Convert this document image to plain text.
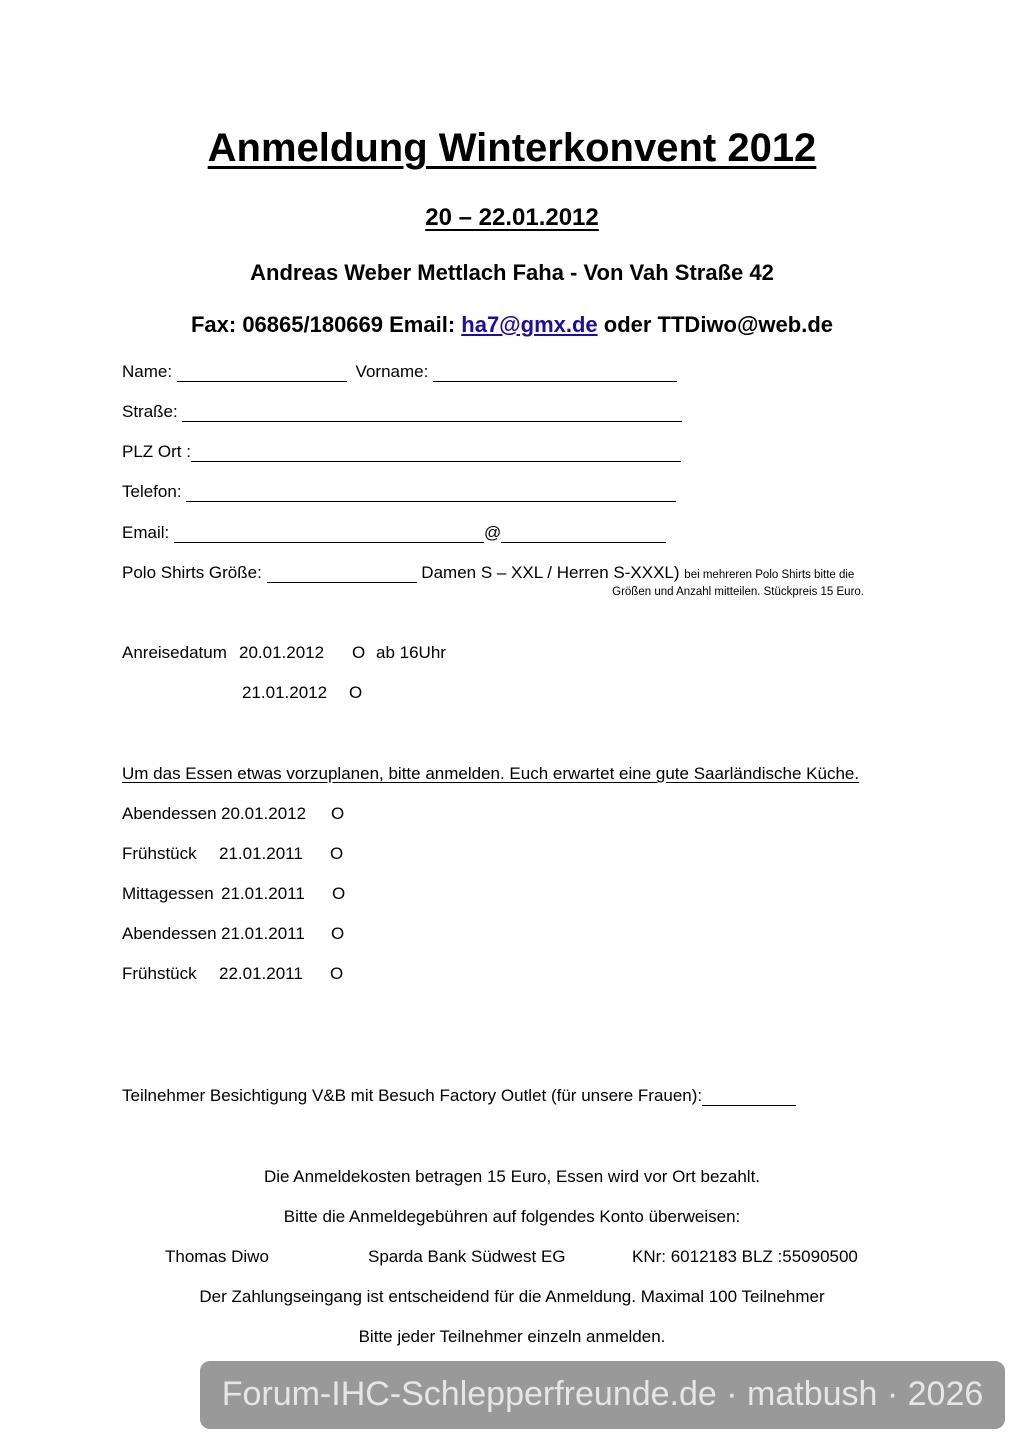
Anmeldung Winterkonvent 2012
20 – 22.01.2012
Andreas Weber Mettlach Faha - Von Vah Straße 42
Fax: 06865/180669 Email: ha7@gmx.de oder TTDiwo@web.de
Name:	Vorname:
Straße:
PLZ Ort :
Telefon:
Email:	@
Polo Shirts Größe:	Damen S – XXL / Herren S-XXXL) bei mehreren Polo Shirts bitte die
Größen und Anzahl mitteilen. Stückpreis 15 Euro.
Anreisedatum 20.01.2012 O ab 16Uhr
21.01.2012 O
Um das Essen etwas vorzuplanen, bitte anmelden. Euch erwartet eine gute Saarländische Küche.
Abendessen 20.01.2012 O
Frühstück 21.01.2011 O
Mittagessen 21.01.2011 O
Abendessen 21.01.2011 O
Frühstück 22.01.2011 O
Teilnehmer Besichtigung V&B mit Besuch Factory Outlet (für unsere Frauen):
Die Anmeldekosten betragen 15 Euro, Essen wird vor Ort bezahlt.
Bitte die Anmeldegebühren auf folgendes Konto überweisen:
Thomas Diwo	Sparda Bank Südwest EG	KNr: 6012183 BLZ :55090500
Der Zahlungseingang ist entscheidend für die Anmeldung. Maximal 100 Teilnehmer
Bitte jeder Teilnehmer einzeln anmelden.
Forum-IHC-Schlepperfreunde.de · matbush · 2026
